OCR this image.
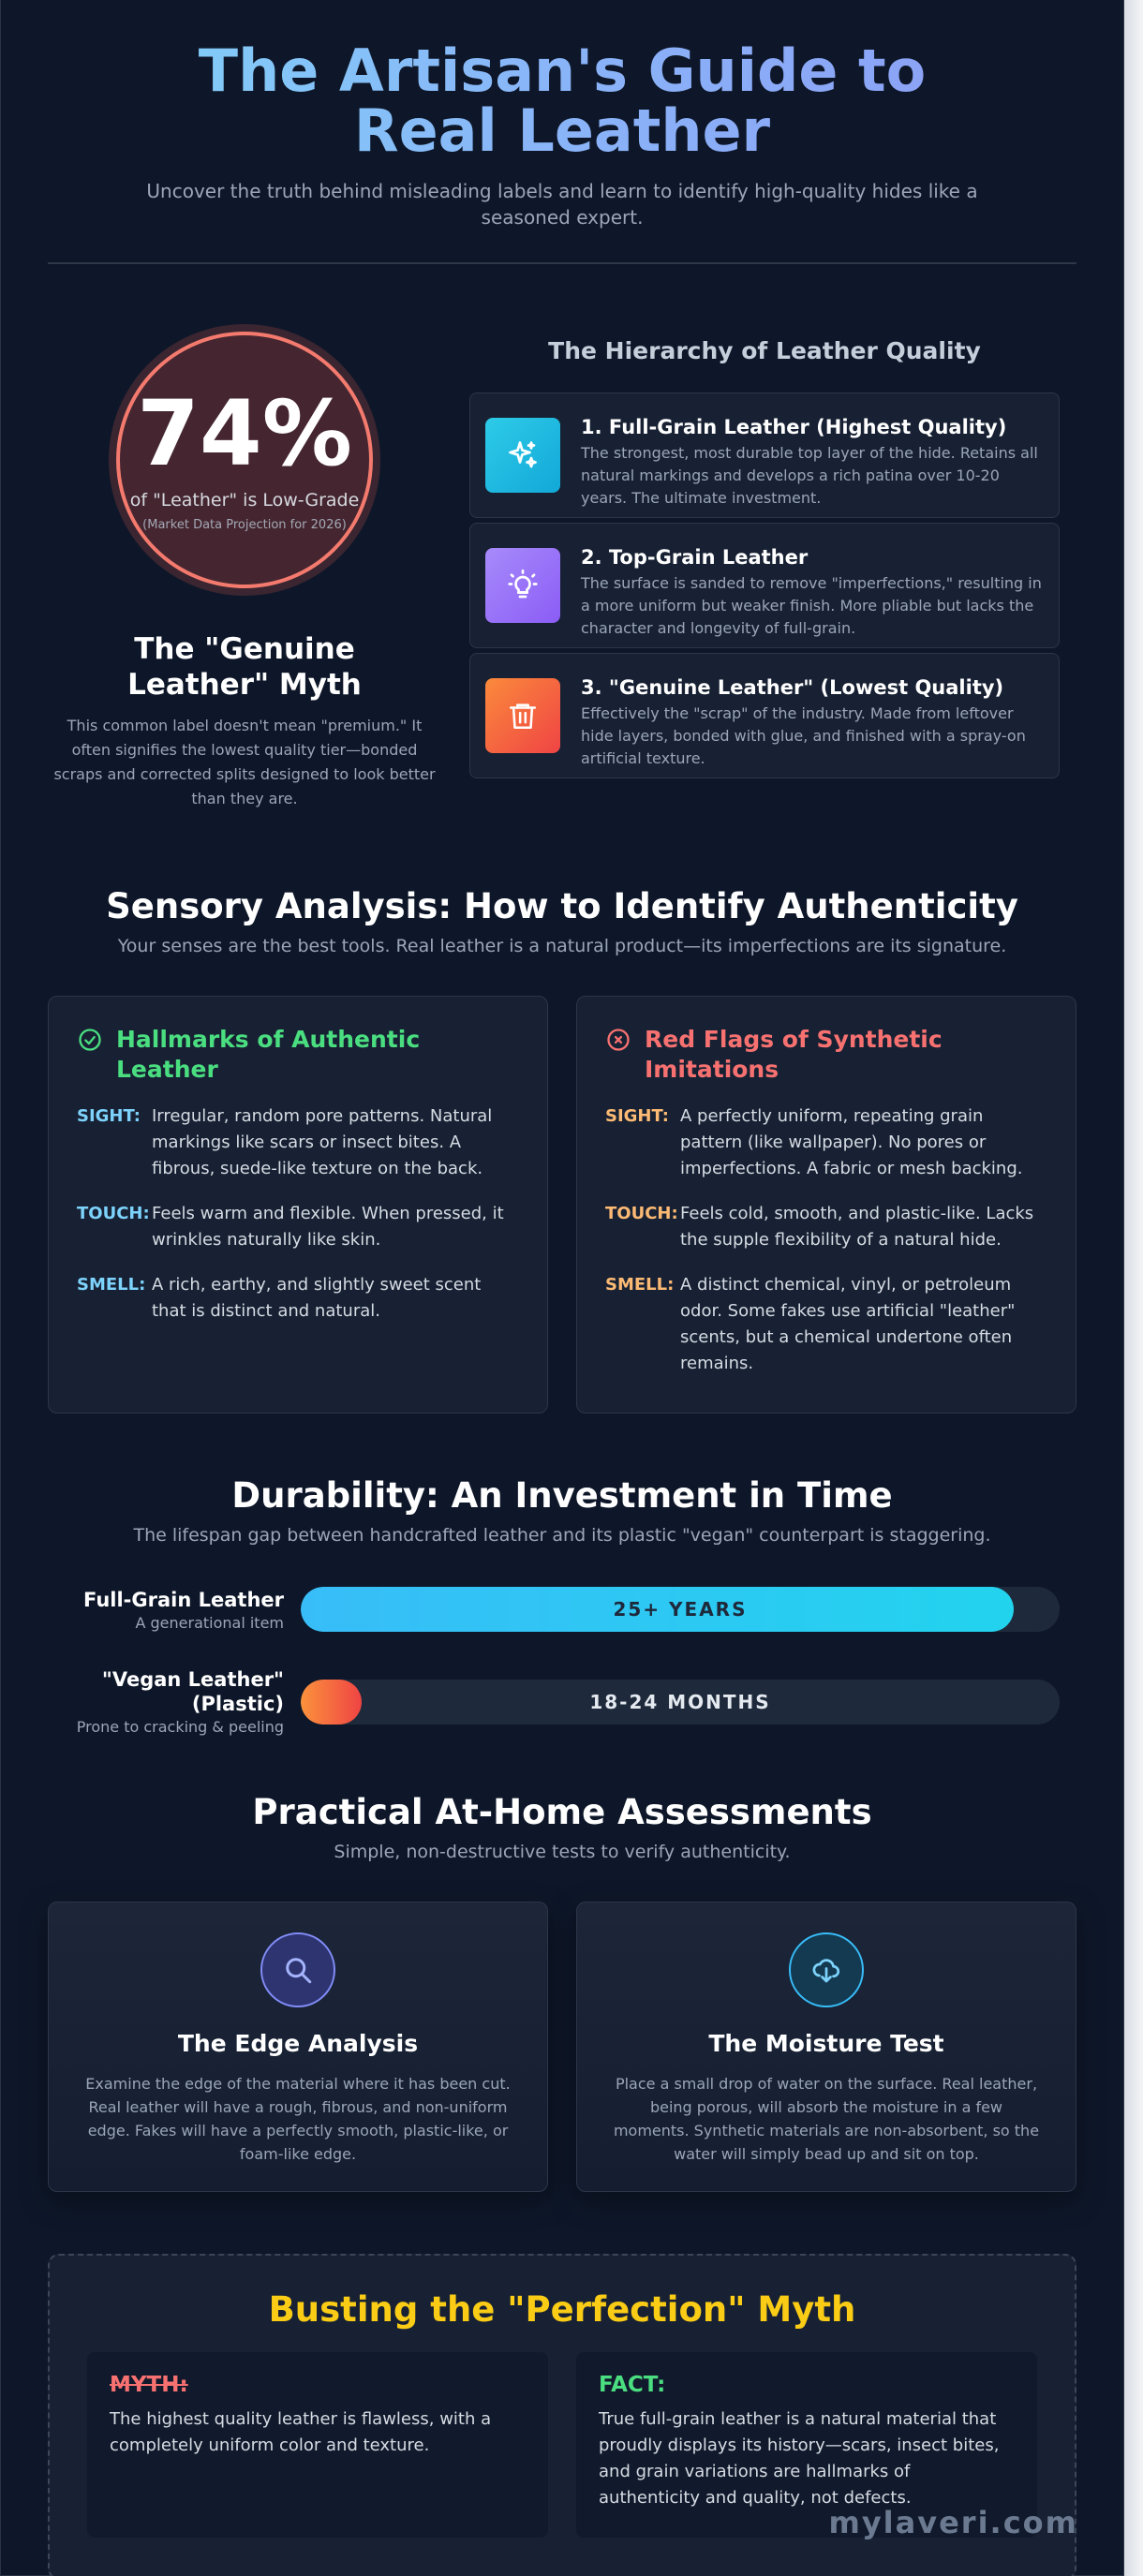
The Artisan's Guide to Real Leather

Uncover the truth behind misleading labels and learn to identify high-quality hides like a seasoned expert.

74%
of "Leather" is Low-Grade
(Market Data Projection for 2026)
The "Genuine Leather" Myth

This common label doesn't mean "premium." It often signifies the lowest quality tier—bonded scraps and corrected splits designed to look better than they are.

The Hierarchy of Leather Quality
1. Full-Grain Leather (Highest Quality)
The strongest, most durable top layer of the hide. Retains all natural markings and develops a rich patina over 10-20 years. The ultimate investment.
2. Top-Grain Leather
The surface is sanded to remove "imperfections," resulting in a more uniform but weaker finish. More pliable but lacks the character and longevity of full-grain.
3. "Genuine Leather" (Lowest Quality)
Effectively the "scrap" of the industry. Made from leftover hide layers, bonded with glue, and finished with a spray-on artificial texture.
Sensory Analysis: How to Identify Authenticity

Your senses are the best tools. Real leather is a natural product—its imperfections are its signature.

Hallmarks of Authentic Leather
SIGHT: Irregular, random pore patterns. Natural markings like scars or insect bites. A fibrous, suede-like texture on the back.
TOUCH: Feels warm and flexible. When pressed, it wrinkles naturally like skin.
SMELL: A rich, earthy, and slightly sweet scent that is distinct and natural.
Red Flags of Synthetic Imitations
SIGHT: A perfectly uniform, repeating grain pattern (like wallpaper). No pores or imperfections. A fabric or mesh backing.
TOUCH: Feels cold, smooth, and plastic-like. Lacks the supple flexibility of a natural hide.
SMELL: A distinct chemical, vinyl, or petroleum odor. Some fakes use artificial "leather" scents, but a chemical undertone often remains.
Durability: An Investment in Time

The lifespan gap between handcrafted leather and its plastic "vegan" counterpart is staggering.

Full-Grain Leather
A generational item
25+ YEARS
"Vegan Leather" (Plastic)
Prone to cracking & peeling
18-24 MONTHS
Practical At-Home Assessments

Simple, non-destructive tests to verify authenticity.

The Edge Analysis
Examine the edge of the material where it has been cut. Real leather will have a rough, fibrous, and non-uniform edge. Fakes will have a perfectly smooth, plastic-like, or foam-like edge.
The Moisture Test
Place a small drop of water on the surface. Real leather, being porous, will absorb the moisture in a few moments. Synthetic materials are non-absorbent, so the water will simply bead up and sit on top.
Busting the "Perfection" Myth
MYTH:
The highest quality leather is flawless, with a completely uniform color and texture.
FACT:
True full-grain leather is a natural material that proudly displays its history—scars, insect bites, and grain variations are hallmarks of authenticity and quality, not defects.
mylaveri.com
